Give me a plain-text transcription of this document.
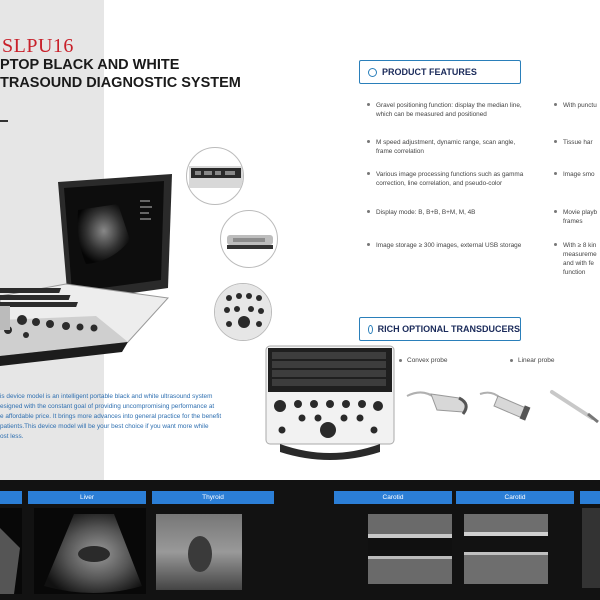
SLPU16
PTOP BLACK AND WHITE
TRASOUND DIAGNOSTIC SYSTEM
PRODUCT FEATURES
Gravel positioning function: display the median line, which can be measured and positioned
M speed adjustment, dynamic range, scan angle, frame correlation
Various image processing functions such as gamma correction, line correlation, and pseudo-color
Display mode: B, B+B, B+M, M, 4B
Image storage ≥ 300 images, external USB storage
With punctu
Tissue har
Image smo
Movie playb frames
With ≥ 8 kin measureme and with fe function
RICH OPTIONAL TRANSDUCERS
Convex probe	Linear probe
is device model is an intelligent portable black and white ultrasound system
esigned with the constant goal of providing uncompromising performance at
e affordable price. It brings more advances into general practice for the benefit
patients.This device model will be your best choice if you want more while
ost less.
Liver	Thyroid	Carotid	Carotid
